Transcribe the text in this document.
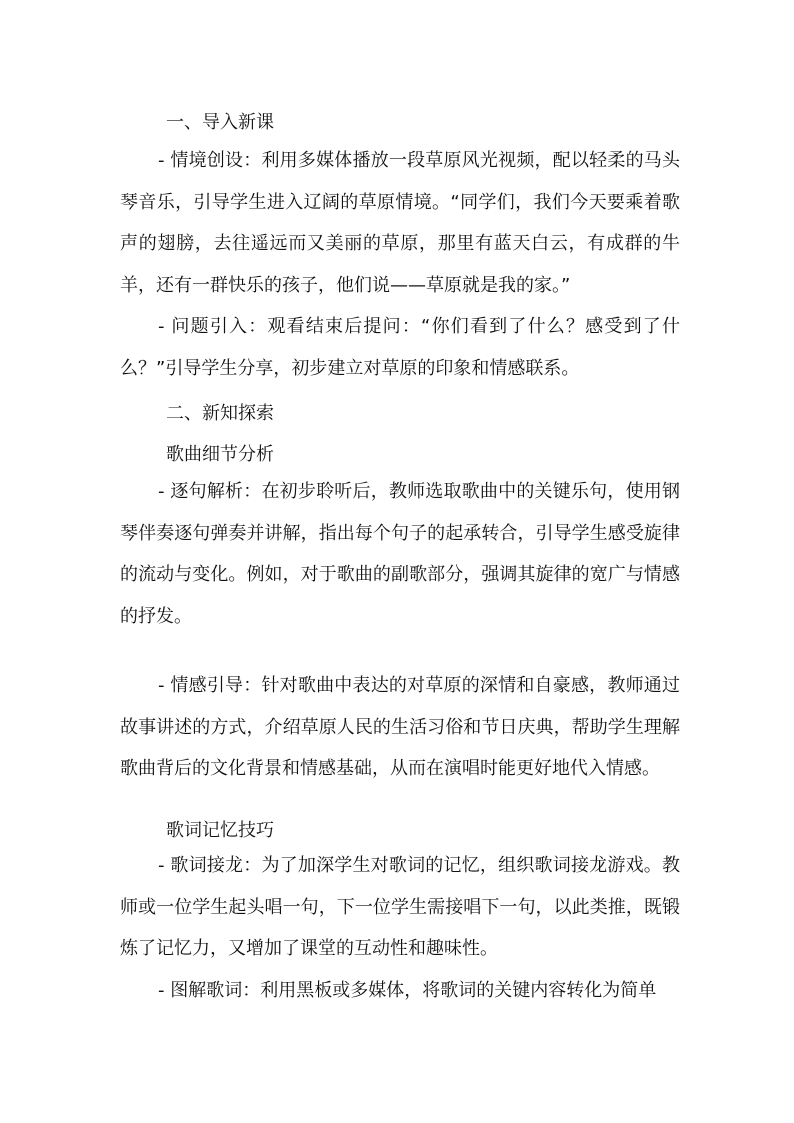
一、导入新课

- 情境创设：利用多媒体播放一段草原风光视频，配以轻柔的马头琴音乐，引导学生进入辽阔的草原情境。“同学们，我们今天要乘着歌声的翅膀，去往遥远而又美丽的草原，那里有蓝天白云，有成群的牛羊，还有一群快乐的孩子，他们说——草原就是我的家。”

- 问题引入：观看结束后提问：“你们看到了什么？感受到了什么？”引导学生分享，初步建立对草原的印象和情感联系。

二、新知探索
歌曲细节分析

- 逐句解析：在初步聆听后，教师选取歌曲中的关键乐句，使用钢琴伴奏逐句弹奏并讲解，指出每个句子的起承转合，引导学生感受旋律的流动与变化。例如，对于歌曲的副歌部分，强调其旋律的宽广与情感的抒发。

- 情感引导：针对歌曲中表达的对草原的深情和自豪感，教师通过故事讲述的方式，介绍草原人民的生活习俗和节日庆典，帮助学生理解歌曲背后的文化背景和情感基础，从而在演唱时能更好地代入情感。

歌词记忆技巧

- 歌词接龙：为了加深学生对歌词的记忆，组织歌词接龙游戏。教师或一位学生起头唱一句，下一位学生需接唱下一句，以此类推，既锻炼了记忆力，又增加了课堂的互动性和趣味性。

- 图解歌词：利用黑板或多媒体，将歌词的关键内容转化为简单
